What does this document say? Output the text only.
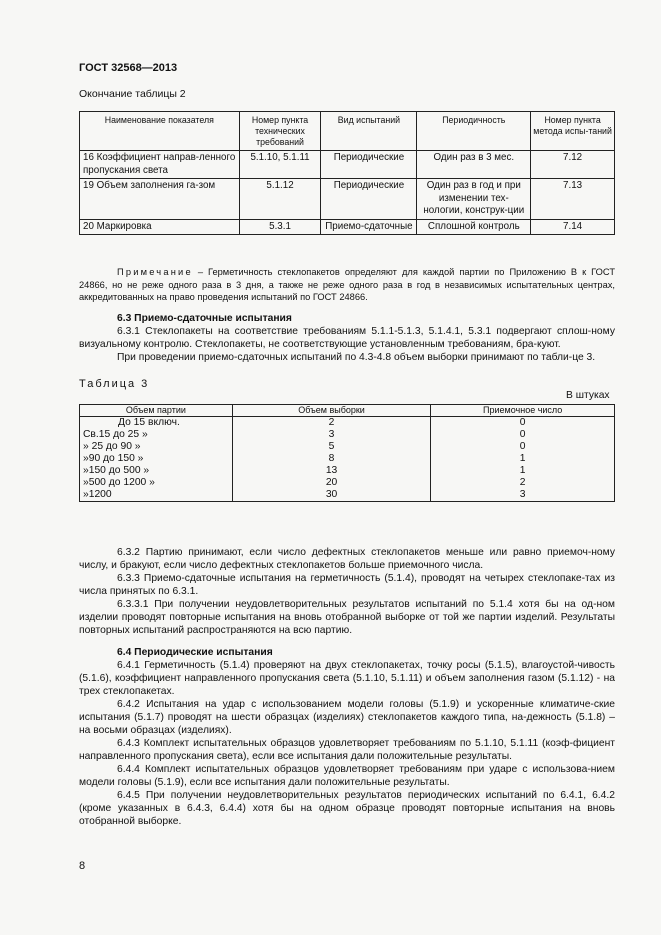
ГОСТ 32568—2013
Окончание таблицы 2
Наименование показателя	Номер пункта технических требований	Вид испытаний	Периодичность	Номер пункта метода испы-таний
16 Коэффициент направ-ленного пропускания света	5.1.10, 5.1.11	Периодические	Один раз в 3 мес.	7.12
19 Объем заполнения га-зом	5.1.12	Периодические	Один раз в год и при изменении тех-нологии, конструк-ции	7.13
20 Маркировка	5.3.1	Приемо-сдаточные	Сплошной контроль	7.14
Примечание – Герметичность стеклопакетов определяют для каждой партии по Приложению В к ГОСТ 24866, но не реже одного раза в 3 дня, а также не реже одного раза в год в независимых испытательных центрах, аккредитованных на право проведения испытаний по ГОСТ 24866.

6.3 Приемо-сдаточные испытания

6.3.1 Стеклопакеты на соответствие требованиям 5.1.1-5.1.3, 5.1.4.1, 5.3.1 подвергают сплош-ному визуальному контролю. Стеклопакеты, не соответствующие установленным требованиям, бра-куют.

При проведении приемо-сдаточных испытаний по 4.3-4.8 объем выборки принимают по табли-це 3.

Таблица 3
В штуках
Объем партии	Объем выборки	Приемочное число
До 15 включ.	2	0
Св.15 до 25 »	3	0
» 25 до 90 »	5	0
»90 до 150 »	8	1
»150 до 500 »	13	1
»500 до 1200 »	20	2
»1200	30	3

6.3.2 Партию принимают, если число дефектных стеклопакетов меньше или равно приемоч-ному числу, и бракуют, если число дефектных стеклопакетов больше приемочного числа.

6.3.3 Приемо-сдаточные испытания на герметичность (5.1.4), проводят на четырех стеклопаке-тах из числа принятых по 6.3.1.

6.3.3.1 При получении неудовлетворительных результатов испытаний по 5.1.4 хотя бы на од-ном изделии проводят повторные испытания на вновь отобранной выборке от той же партии изделий. Результаты повторных испытаний распространяются на всю партию.

6.4 Периодические испытания

6.4.1 Герметичность (5.1.4) проверяют на двух стеклопакетах, точку росы (5.1.5), влагоустой-чивость (5.1.6), коэффициент направленного пропускания света (5.1.10, 5.1.11) и объем заполнения газом (5.1.12) - на трех стеклопакетах.

6.4.2 Испытания на удар с использованием модели головы (5.1.9) и ускоренные климатиче-ские испытания (5.1.7) проводят на шести образцах (изделиях) стеклопакетов каждого типа, на-дежность (5.1.8) – на восьми образцах (изделиях).

6.4.3 Комплект испытательных образцов удовлетворяет требованиям по 5.1.10, 5.1.11 (коэф-фициент направленного пропускания света), если все испытания дали положительные результаты.

6.4.4 Комплект испытательных образцов удовлетворяет требованиям при ударе с использова-нием модели головы (5.1.9), если все испытания дали положительные результаты.

6.4.5 При получении неудовлетворительных результатов периодических испытаний по 6.4.1, 6.4.2 (кроме указанных в 6.4.3, 6.4.4) хотя бы на одном образце проводят повторные испытания на вновь отобранной выборке.

8
